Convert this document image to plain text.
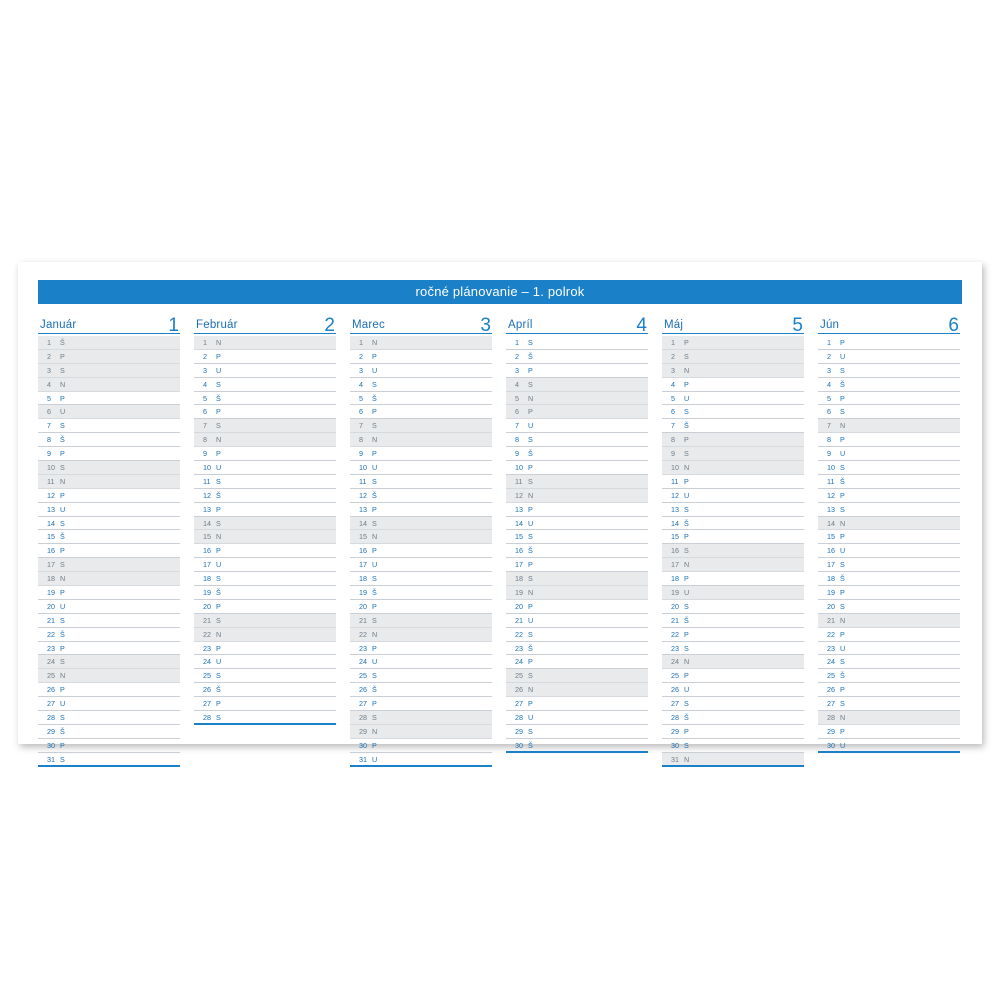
ročné plánovanie – 1. polrok
Január	1
1 Š
2 P
3 S
4 N
5 P
6 U
7 S
8 Š
9 P
10 S
11 N
12 P
13 U
14 S
15 Š
16 P
17 S
18 N
19 P
20 U
21 S
22 Š
23 P
24 S
25 N
26 P
27 U
28 S
29 Š
30 P
31 S
Február	2
1 N
2 P
3 U
4 S
5 Š
6 P
7 S
8 N
9 P
10 U
11 S
12 Š
13 P
14 S
15 N
16 P
17 U
18 S
19 Š
20 P
21 S
22 N
23 P
24 U
25 S
26 Š
27 P
28 S
Marec	3
1 N
2 P
3 U
4 S
5 Š
6 P
7 S
8 N
9 P
10 U
11 S
12 Š
13 P
14 S
15 N
16 P
17 U
18 S
19 Š
20 P
21 S
22 N
23 P
24 U
25 S
26 Š
27 P
28 S
29 N
30 P
31 U
Apríl	4
1 S
2 Š
3 P
4 S
5 N
6 P
7 U
8 S
9 Š
10 P
11 S
12 N
13 P
14 U
15 S
16 Š
17 P
18 S
19 N
20 P
21 U
22 S
23 Š
24 P
25 S
26 N
27 P
28 U
29 S
30 Š
Máj	5
1 P
2 S
3 N
4 P
5 U
6 S
7 Š
8 P
9 S
10 N
11 P
12 U
13 S
14 Š
15 P
16 S
17 N
18 P
19 U
20 S
21 Š
22 P
23 S
24 N
25 P
26 U
27 S
28 Š
29 P
30 S
31 N
Jún	6
1 P
2 U
3 S
4 Š
5 P
6 S
7 N
8 P
9 U
10 S
11 Š
12 P
13 S
14 N
15 P
16 U
17 S
18 Š
19 P
20 S
21 N
22 P
23 U
24 S
25 Š
26 P
27 S
28 N
29 P
30 U
